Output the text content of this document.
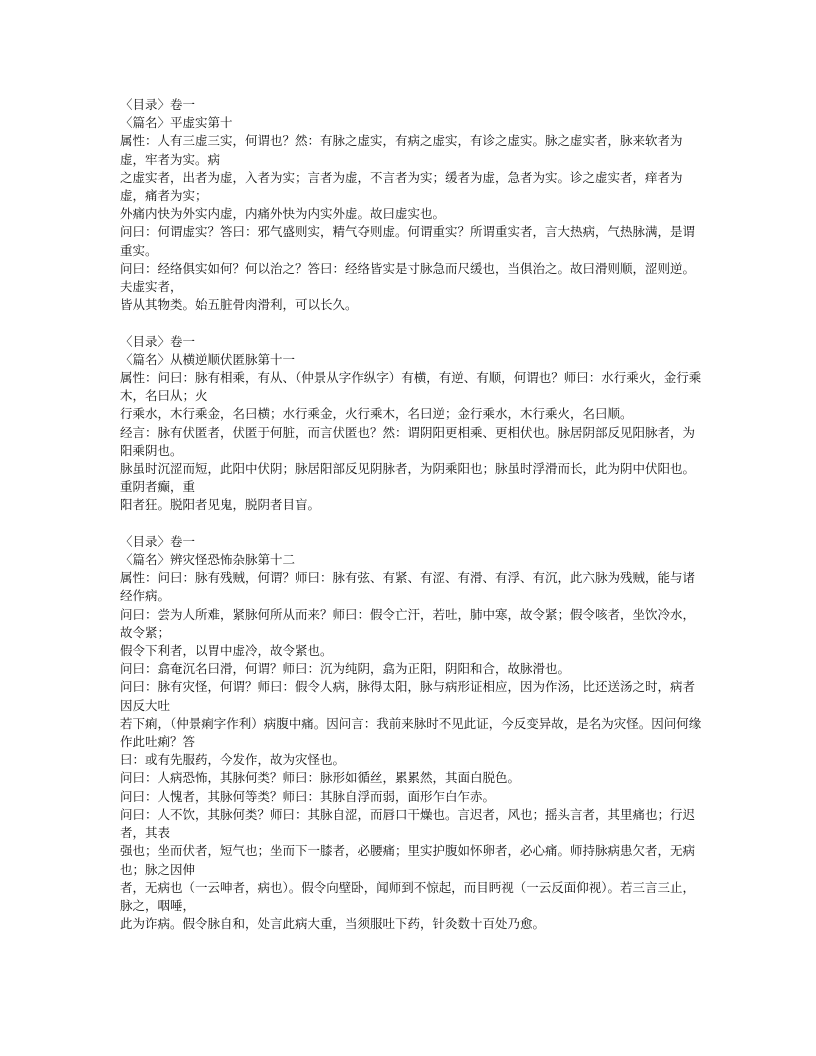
〈目录〉卷一

〈篇名〉平虚实第十

属性：人有三虚三实，何谓也？然：有脉之虚实，有病之虚实，有诊之虚实。脉之虚实者，脉来软者为虚，牢者为实。病

之虚实者，出者为虚，入者为实；言者为虚，不言者为实；缓者为虚，急者为实。诊之虚实者，痒者为虚，痛者为实；

外痛内快为外实内虚，内痛外快为内实外虚。故曰虚实也。

问曰：何谓虚实？答曰：邪气盛则实，精气夺则虚。何谓重实？所谓重实者，言大热病，气热脉满，是谓重实。

问曰：经络俱实如何？何以治之？答曰：经络皆实是寸脉急而尺缓也，当俱治之。故曰滑则顺，涩则逆。夫虚实者，

皆从其物类。始五脏骨肉滑利，可以长久。

〈目录〉卷一

〈篇名〉从横逆顺伏匿脉第十一

属性：问曰：脉有相乘，有从、（仲景从字作纵字）有横，有逆、有顺，何谓也？师曰：水行乘火，金行乘木，名曰从；火

行乘水，木行乘金，名曰横；水行乘金，火行乘木，名曰逆；金行乘水，木行乘火，名曰顺。

经言：脉有伏匿者，伏匿于何脏，而言伏匿也？然：谓阴阳更相乘、更相伏也。脉居阴部反见阳脉者，为阳乘阴也。

脉虽时沉涩而短，此阳中伏阴；脉居阳部反见阴脉者，为阴乘阳也；脉虽时浮滑而长，此为阴中伏阳也。重阴者癫，重

阳者狂。脱阳者见鬼，脱阴者目盲。

〈目录〉卷一

〈篇名〉辨灾怪恐怖杂脉第十二

属性：问曰：脉有残贼，何谓？师曰：脉有弦、有紧、有涩、有滑、有浮、有沉，此六脉为残贼，能与诸经作病。

问曰：尝为人所难，紧脉何所从而来？师曰：假令亡汗，若吐，肺中寒，故令紧；假令咳者，坐饮冷水，故令紧；

假令下利者，以胃中虚冷，故令紧也。

问曰：翕奄沉名曰滑，何谓？师曰：沉为纯阴，翕为正阳，阴阳和合，故脉滑也。

问曰：脉有灾怪，何谓？师曰：假令人病，脉得太阳，脉与病形证相应，因为作汤，比还送汤之时，病者因反大吐

若下痢，（仲景痢字作利）病腹中痛。因问言：我前来脉时不见此证，今反变异故，是名为灾怪。因问何缘作此吐痢？答

曰：或有先服药，今发作，故为灾怪也。

问曰：人病恐怖，其脉何类？师曰：脉形如循丝，累累然，其面白脱色。

问曰：人愧者，其脉何等类？师曰：其脉自浮而弱，面形乍白乍赤。

问曰：人不饮，其脉何类？师曰：其脉自涩，而唇口干燥也。言迟者，风也；摇头言者，其里痛也；行迟者，其表

强也；坐而伏者，短气也；坐而下一膝者，必腰痛；里实护腹如怀卵者，必心痛。师持脉病患欠者，无病也；脉之因伸

者，无病也（一云呻者，病也）。假令向壁卧，闻师到不惊起，而目眄视（一云反面仰视）。若三言三止，脉之，咽唾，

此为诈病。假令脉自和，处言此病大重，当须服吐下药，针灸数十百处乃愈。
